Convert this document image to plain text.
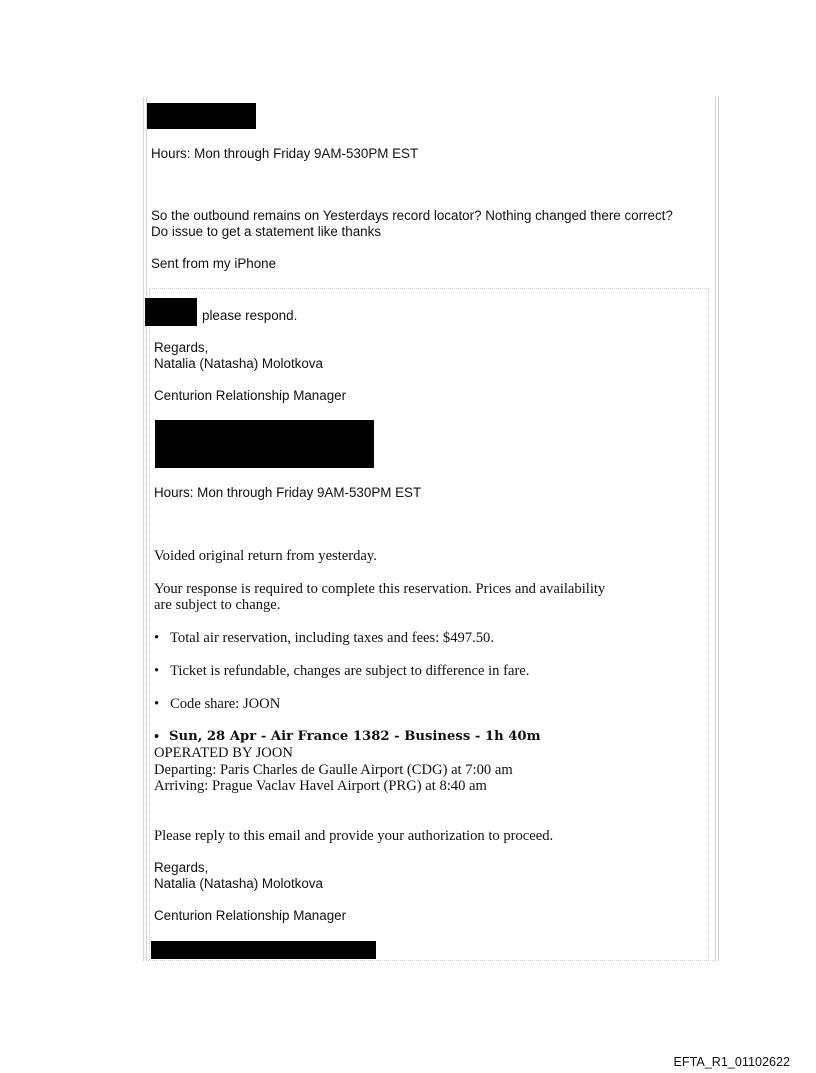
Hours: Mon through Friday 9AM-530PM EST
So the outbound remains on Yesterdays record locator? Nothing changed there correct?
Do issue to get a statement like thanks
Sent from my iPhone
please respond.
Regards,
Natalia (Natasha) Molotkova
Centurion Relationship Manager
Hours: Mon through Friday 9AM-530PM EST
Voided original return from yesterday.
Your response is required to complete this reservation. Prices and availability
are subject to change.
• Total air reservation, including taxes and fees: $497.50.
• Ticket is refundable, changes are subject to difference in fare.
• Code share: JOON
• Sun, 28 Apr - Air France 1382 - Business - 1h 40m
OPERATED BY JOON
Departing: Paris Charles de Gaulle Airport (CDG) at 7:00 am
Arriving: Prague Vaclav Havel Airport (PRG) at 8:40 am
Please reply to this email and provide your authorization to proceed.
Regards,
Natalia (Natasha) Molotkova
Centurion Relationship Manager
EFTA_R1_01102622
